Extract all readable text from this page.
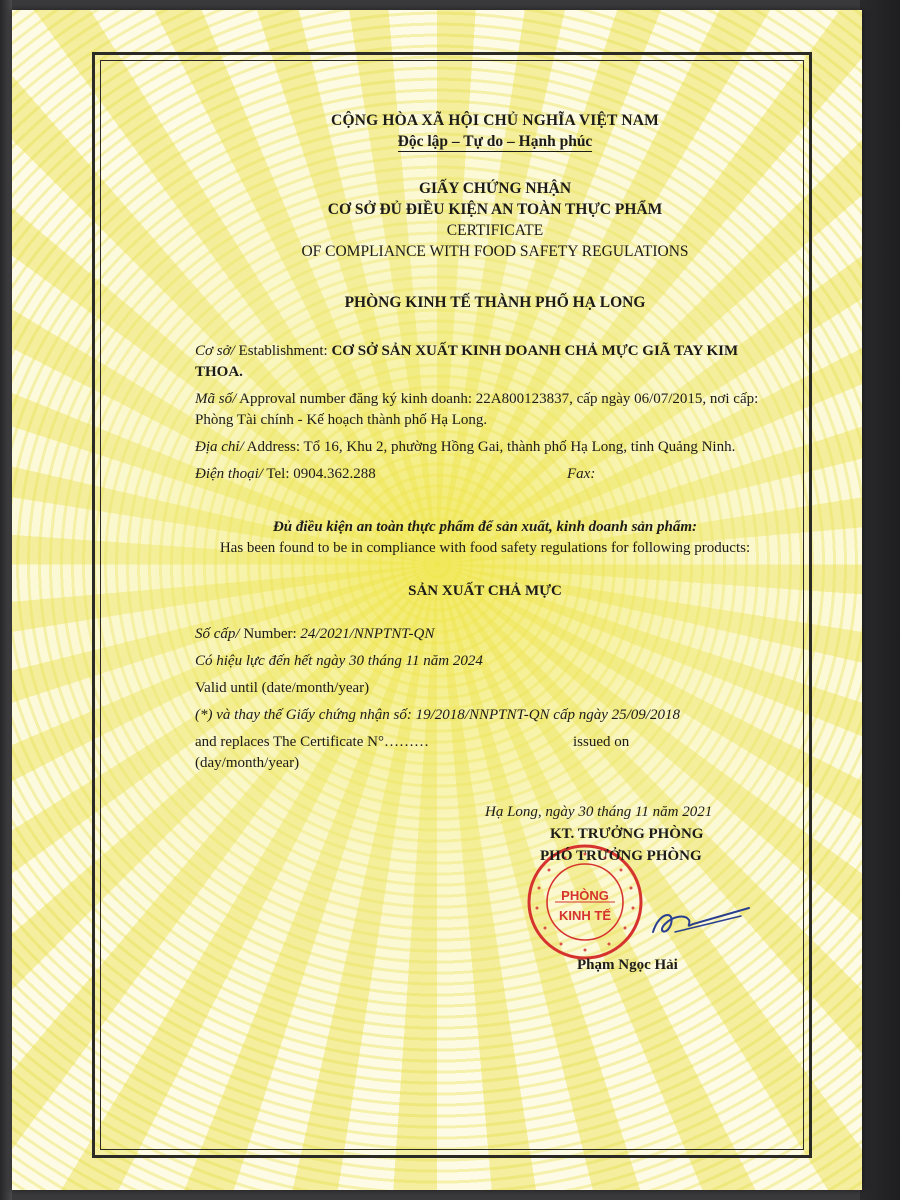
CỘNG HÒA XÃ HỘI CHỦ NGHĨA VIỆT NAM
Độc lập – Tự do – Hạnh phúc
GIẤY CHỨNG NHẬN
CƠ SỞ ĐỦ ĐIỀU KIỆN AN TOÀN THỰC PHẨM
CERTIFICATE
OF COMPLIANCE WITH FOOD SAFETY REGULATIONS
PHÒNG KINH TẾ THÀNH PHỐ HẠ LONG

Cơ sở/ Establishment: CƠ SỞ SẢN XUẤT KINH DOANH CHẢ MỰC GIÃ TAY KIM THOA.

Mã số/ Approval number đăng ký kinh doanh: 22A800123837, cấp ngày 06/07/2015, nơi cấp: Phòng Tài chính - Kế hoạch thành phố Hạ Long.

Địa chỉ/ Address: Tổ 16, Khu 2, phường Hồng Gai, thành phố Hạ Long, tỉnh Quảng Ninh.

Điện thoại/ Tel: 0904.362.288	Fax:

Đủ điều kiện an toàn thực phẩm để sản xuất, kinh doanh sản phẩm:
Has been found to be in compliance with food safety regulations for following products:
SẢN XUẤT CHẢ MỰC

Số cấp/ Number: 24/2021/NNPTNT-QN

Có hiệu lực đến hết ngày 30 tháng 11 năm 2024
Valid until (date/month/year)
(*) và thay thế Giấy chứng nhận số: 19/2018/NNPTNT-QN cấp ngày 25/09/2018
and replaces The Certificate N°………	issued on
(day/month/year)
Hạ Long, ngày 30 tháng 11 năm 2021
PHÒNG
KINH TẾ
KT. TRƯỞNG PHÒNG
PHÓ TRƯỞNG PHÒNG
Phạm Ngọc Hải
